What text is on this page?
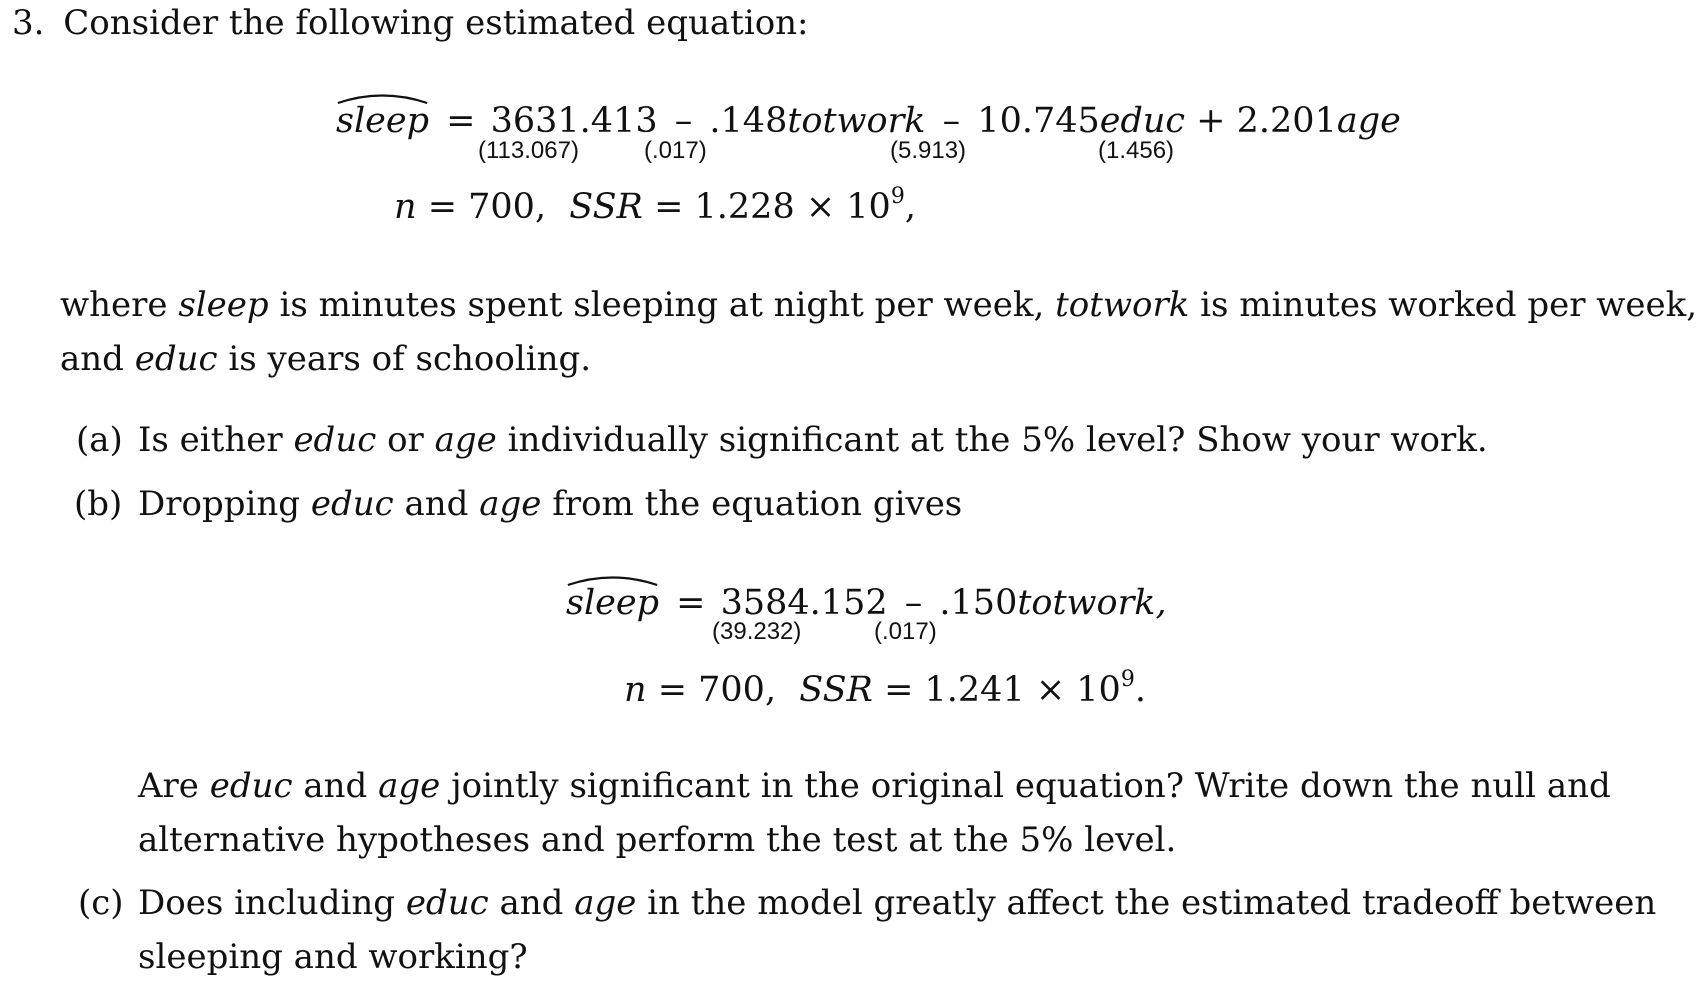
3. Consider the following estimated equation:
sleep = 3631.413 – .148totwork – 10.745educ + 2.201age
(113.067)	(.017)	(5.913)	(1.456)
n = 700, SSR = $1.228 \times 10^9$,
where sleep is minutes spent sleeping at night per week, totwork is minutes worked per week,
and educ is years of schooling.
(a) Is either educ or age individually significant at the 5% level? Show your work.
(b) Dropping educ and age from the equation gives
sleep = 3584.152 – .150totwork,
(39.232)	(.017)
n = 700, SSR = $1.241 \times 10^9$.
Are educ and age jointly significant in the original equation? Write down the null and
alternative hypotheses and perform the test at the 5% level.
(c) Does including educ and age in the model greatly affect the estimated tradeoff between
sleeping and working?
